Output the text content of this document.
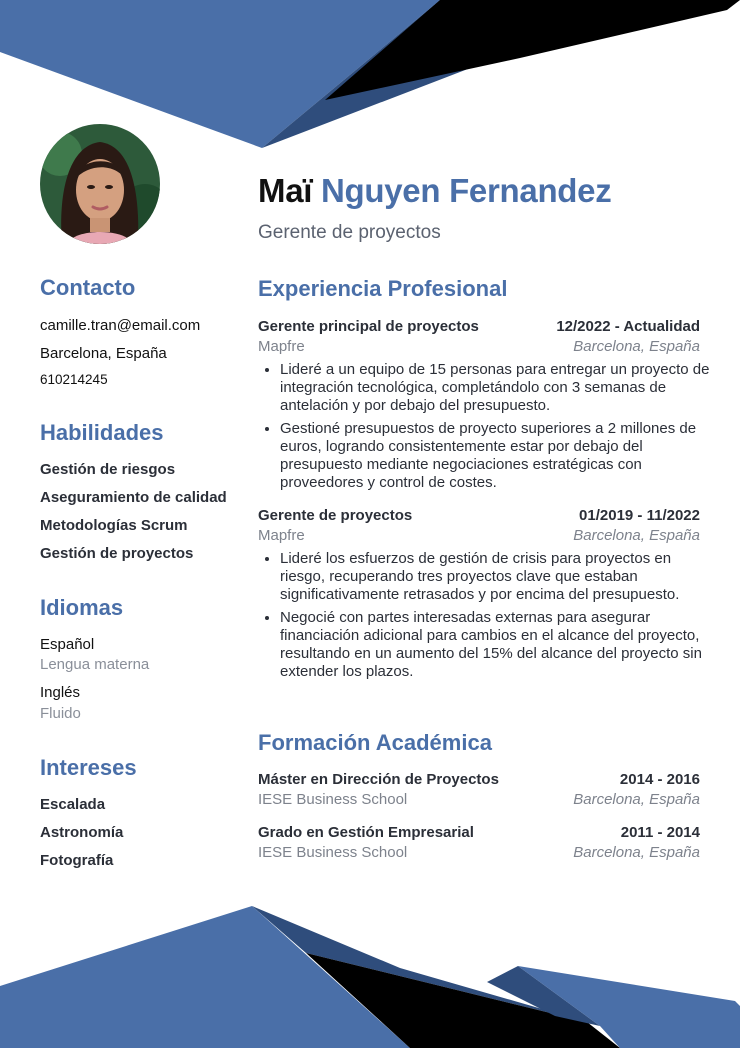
Maï Nguyen Fernandez

Gerente de proyectos

Contacto

camille.tran@email.com

Barcelona, España

610214245

Habilidades

Gestión de riesgos

Aseguramiento de calidad

Metodologías Scrum

Gestión de proyectos

Idiomas

Español

Lengua materna

Inglés

Fluido

Intereses

Escalada

Astronomía

Fotografía

Experiencia Profesional
Gerente principal de proyectos	12/2022 - Actualidad
Mapfre	Barcelona, España
• Lideré a un equipo de 15 personas para entregar un proyecto de integración tecnológica, completándolo con 3 semanas de antelación y por debajo del presupuesto.
• Gestioné presupuestos de proyecto superiores a 2 millones de euros, logrando consistentemente estar por debajo del presupuesto mediante negociaciones estratégicas con proveedores y control de costes.
Gerente de proyectos	01/2019 - 11/2022
Mapfre	Barcelona, España
• Lideré los esfuerzos de gestión de crisis para proyectos en riesgo, recuperando tres proyectos clave que estaban significativamente retrasados y por encima del presupuesto.
• Negocié con partes interesadas externas para asegurar financiación adicional para cambios en el alcance del proyecto, resultando en un aumento del 15% del alcance del proyecto sin extender los plazos.
Formación Académica
Máster en Dirección de Proyectos	2014 - 2016
IESE Business School	Barcelona, España
Grado en Gestión Empresarial	2011 - 2014
IESE Business School	Barcelona, España
